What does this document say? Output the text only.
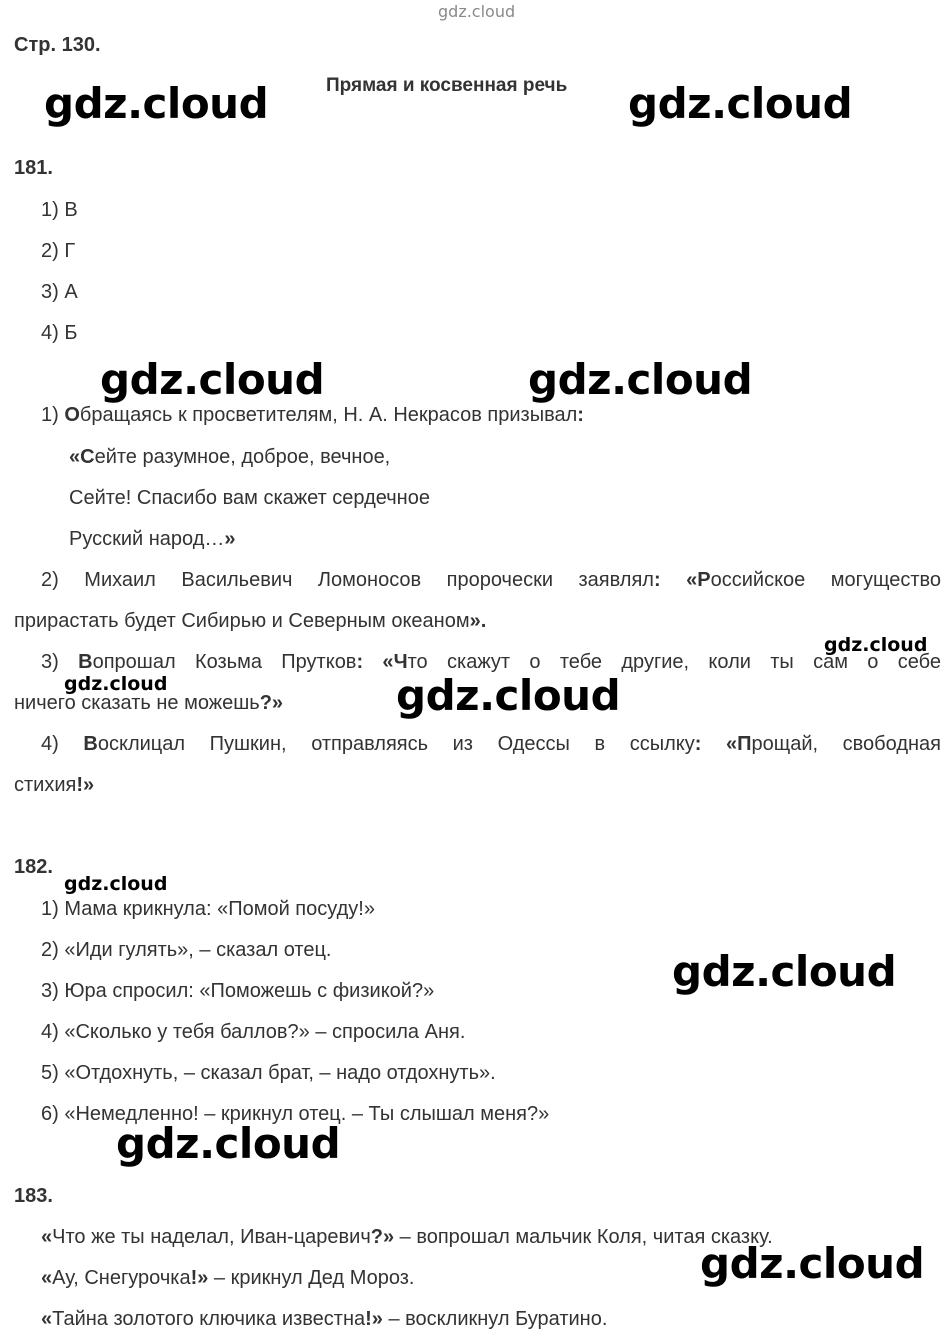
gdz.cloud
Стр. 130.
Прямая и косвенная речь
gdz.cloud	gdz.cloud
gdz.cloud	gdz.cloud
gdz.cloud
gdz.cloud
gdz.cloud
gdz.cloud
gdz.cloud
gdz.cloud
gdz.cloud
181.
1) В
2) Г
3) А
4) Б
1) Обращаясь к просветителям, Н. А. Некрасов призывал:
«Сейте разумное, доброе, вечное,
Сейте! Спасибо вам скажет сердечное
Русский народ…»
2) Михаил Васильевич Ломоносов пророчески заявлял: «Российское могущество
прирастать будет Сибирью и Северным океаном».
3) Вопрошал Козьма Прутков: «Что скажут о тебе другие, коли ты сам о себе
ничего сказать не можешь?»
4) Восклицал Пушкин, отправляясь из Одессы в ссылку: «Прощай, свободная
стихия!»
182.
1) Мама крикнула: «Помой посуду!»
2) «Иди гулять», – сказал отец.
3) Юра спросил: «Поможешь с физикой?»
4) «Сколько у тебя баллов?» – спросила Аня.
5) «Отдохнуть, – сказал брат, – надо отдохнуть».
6) «Немедленно! – крикнул отец. – Ты слышал меня?»
183.
«Что же ты наделал, Иван-царевич?» – вопрошал мальчик Коля, читая сказку.
«Ау, Снегурочка!» – крикнул Дед Мороз.
«Тайна золотого ключика известна!» – воскликнул Буратино.
